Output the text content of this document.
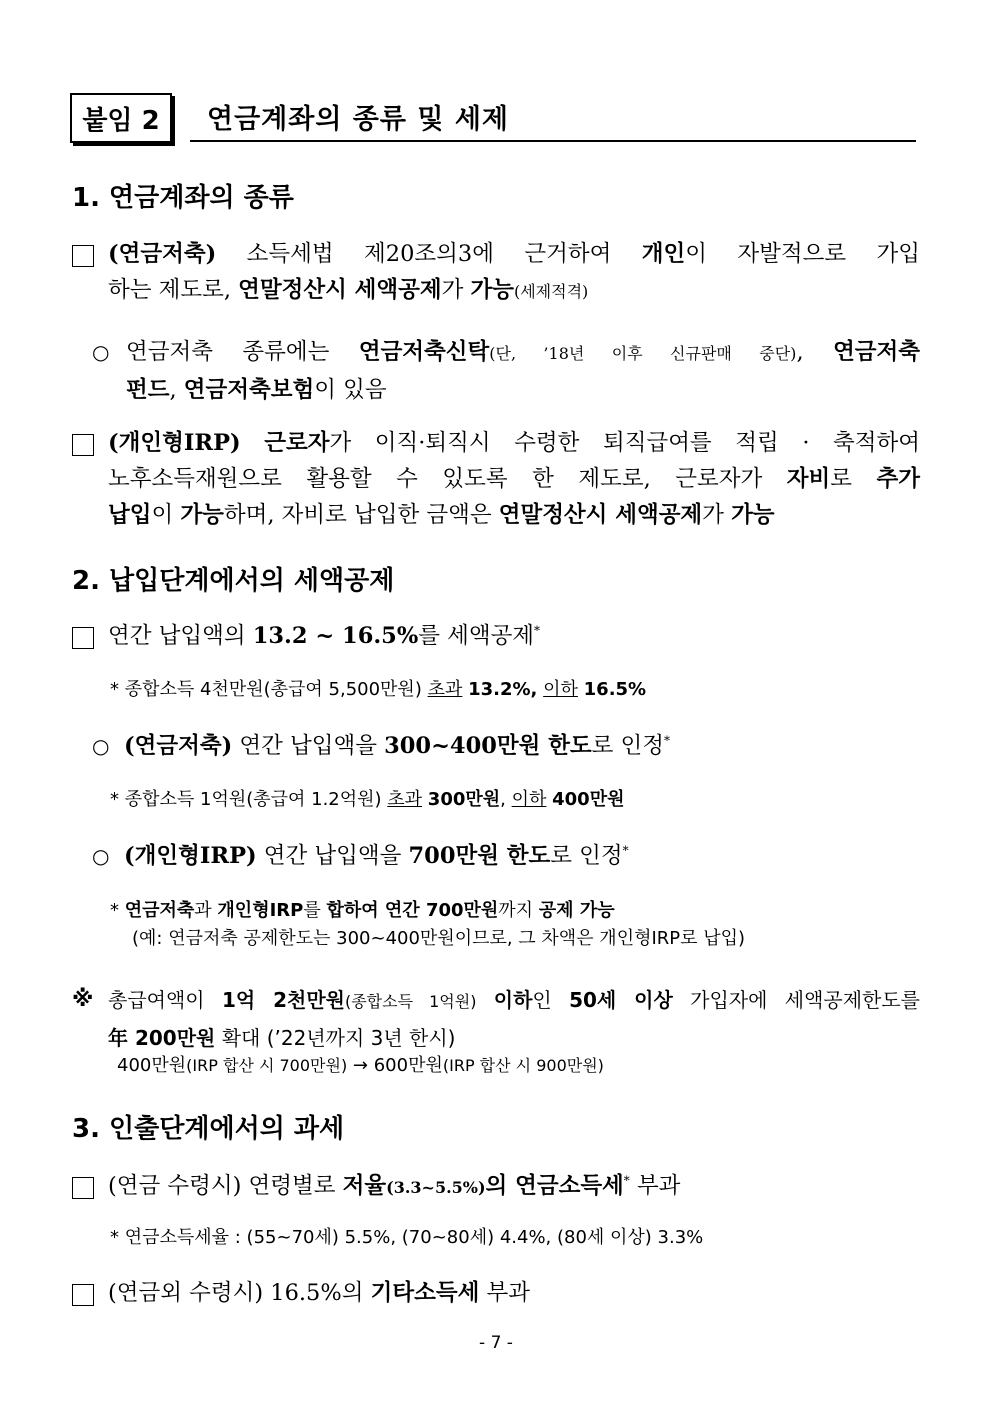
붙임 2	연금계좌의 종류 및 세제
1. 연금계좌의 종류
(연금저축) 소득세법 제20조의3에 근거하여 개인이 자발적으로 가입
하는 제도로, 연말정산시 세액공제가 가능(세제적격)
○ 연금저축 종류에는 연금저축신탁(단, ’18년 이후 신규판매 중단), 연금저축
펀드, 연금저축보험이 있음
(개인형IRP) 근로자가 이직·퇴직시 수령한 퇴직급여를 적립 · 축적하여
노후소득재원으로 활용할 수 있도록 한 제도로, 근로자가 자비로 추가
납입이 가능하며, 자비로 납입한 금액은 연말정산시 세액공제가 가능
2. 납입단계에서의 세액공제
연간 납입액의 13.2 ~ 16.5%를 세액공제*
* 종합소득 4천만원(총급여 5,500만원) 초과 13.2%, 이하 16.5%
○ (연금저축) 연간 납입액을 300~400만원 한도로 인정*
* 종합소득 1억원(총급여 1.2억원) 초과 300만원, 이하 400만원
○ (개인형IRP) 연간 납입액을 700만원 한도로 인정*
* 연금저축과 개인형IRP를 합하여 연간 700만원까지 공제 가능
(예: 연금저축 공제한도는 300~400만원이므로, 그 차액은 개인형IRP로 납입)
※ 총급여액이 1억 2천만원(종합소득 1억원) 이하인 50세 이상 가입자에 세액공제한도를
年 200만원 확대 (’22년까지 3년 한시)
400만원(IRP 합산 시 700만원) → 600만원(IRP 합산 시 900만원)
3. 인출단계에서의 과세
(연금 수령시) 연령별로 저율(3.3~5.5%)의 연금소득세* 부과
* 연금소득세율 : (55~70세) 5.5%, (70~80세) 4.4%, (80세 이상) 3.3%
(연금외 수령시) 16.5%의 기타소득세 부과
- 7 -
